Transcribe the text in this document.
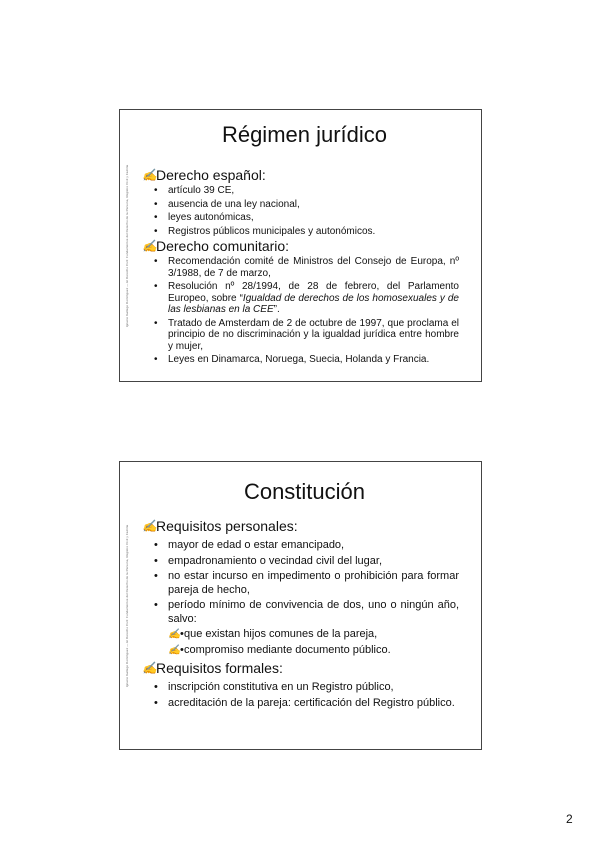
Ignacio Gallego Domínguez — El Derecho Civil: Fundamentos del Derecho de la Persona, Registro Civil y Familia
Régimen jurídico
✍ Derecho español:
• artículo 39 CE,
• ausencia de una ley nacional,
• leyes autonómicas,
• Registros públicos municipales y autonómicos.
✍ Derecho comunitario:
• Recomendación comité de Ministros del Consejo de Europa, nº 3/1988, de 7 de marzo,
• Resolución nº 28/1994, de 28 de febrero, del Parlamento Europeo, sobre “Igualdad de derechos de los homosexuales y de las lesbianas en la CEE”.
• Tratado de Amsterdam de 2 de octubre de 1997, que proclama el principio de no discriminación y la igualdad jurídica entre hombre y mujer,
• Leyes en Dinamarca, Noruega, Suecia, Holanda y Francia.
Ignacio Gallego Domínguez — El Derecho Civil: Fundamentos del Derecho de la Persona, Registro Civil y Familia
Constitución
✍ Requisitos personales:
• mayor de edad o estar emancipado,
• empadronamiento o vecindad civil del lugar,
• no estar incurso en impedimento o prohibición para formar pareja de hecho,
• período mínimo de convivencia de dos, uno o ningún año, salvo:
• ✍ que existan hijos comunes de la pareja,
• ✍ compromiso mediante documento público.
✍ Requisitos formales:
• inscripción constitutiva en un Registro público,
• acreditación de la pareja: certificación del Registro público.
2
